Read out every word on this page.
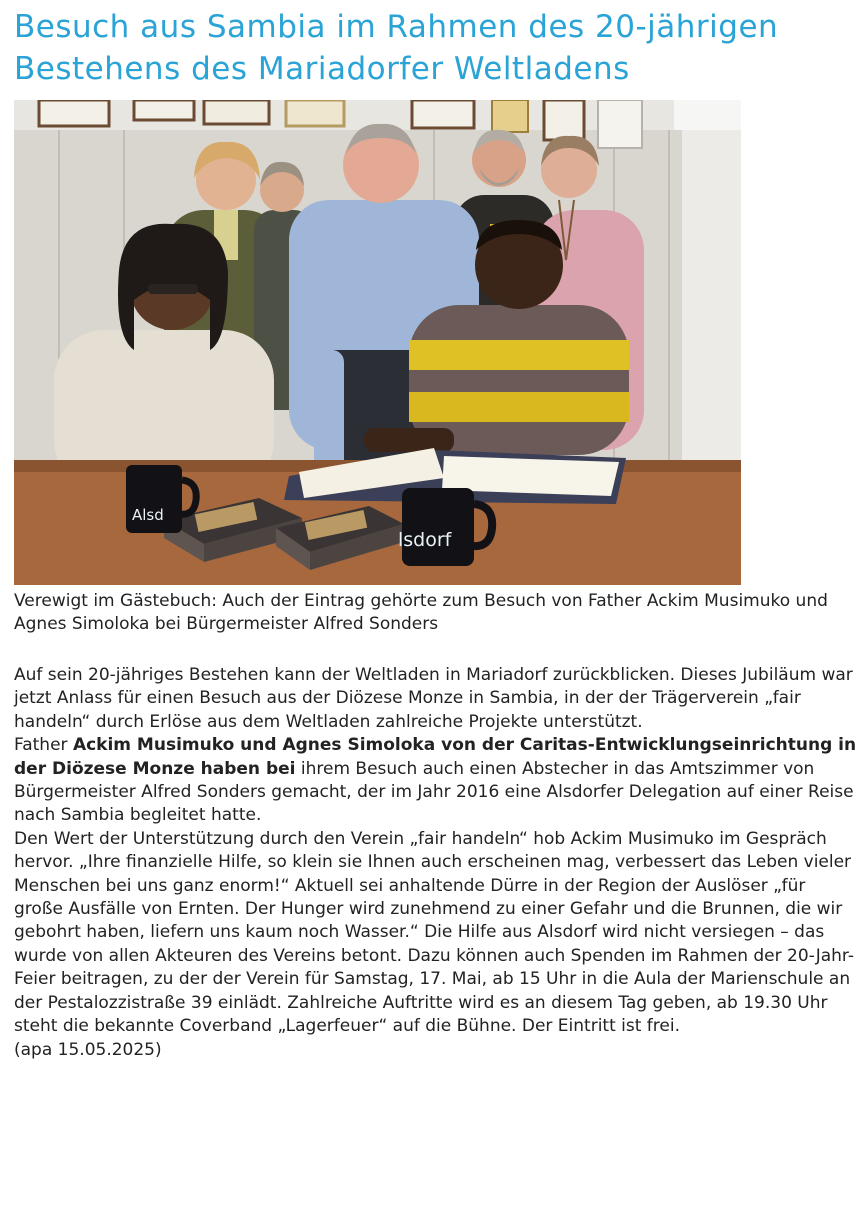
Besuch aus Sambia im Rahmen des 20-jährigen
Bestehens des Mariadorfer Weltladens
Alsd
lsdorf
Verewigt im Gästebuch: Auch der Eintrag gehörte zum Besuch von Father Ackim Musimuko und Agnes Simoloka bei Bürgermeister Alfred Sonders

Auf sein 20-jähriges Bestehen kann der Weltladen in Mariadorf zurückblicken. Dieses Jubiläum war jetzt Anlass für einen Besuch aus der Diözese Monze in Sambia, in der der Trägerverein „fair handeln“ durch Erlöse aus dem Weltladen zahlreiche Projekte unterstützt.

Father Ackim Musimuko und Agnes Simoloka von der Caritas-Entwicklungseinrichtung in der Diözese Monze haben bei ihrem Besuch auch einen Abstecher in das Amtszimmer von Bürgermeister Alfred Sonders gemacht, der im Jahr 2016 eine Alsdorfer Delegation auf einer Reise nach Sambia begleitet hatte.

Den Wert der Unterstützung durch den Verein „fair handeln“ hob Ackim Musimuko im Gespräch hervor. „Ihre finanzielle Hilfe, so klein sie Ihnen auch erscheinen mag, verbessert das Leben vieler Menschen bei uns ganz enorm!“ Aktuell sei anhaltende Dürre in der Region der Auslöser „für große Ausfälle von Ernten. Der Hunger wird zunehmend zu einer Gefahr und die Brunnen, die wir gebohrt haben, liefern uns kaum noch Wasser.“ Die Hilfe aus Alsdorf wird nicht versiegen – das wurde von allen Akteuren des Vereins betont. Dazu können auch Spenden im Rahmen der 20-Jahr-Feier beitragen, zu der der Verein für Samstag, 17. Mai, ab 15 Uhr in die Aula der Marienschule an der Pestalozzistraße 39 einlädt. Zahlreiche Auftritte wird es an diesem Tag geben, ab 19.30 Uhr steht die bekannte Coverband „Lagerfeuer“ auf die Bühne. Der Eintritt ist frei.

(apa 15.05.2025)
